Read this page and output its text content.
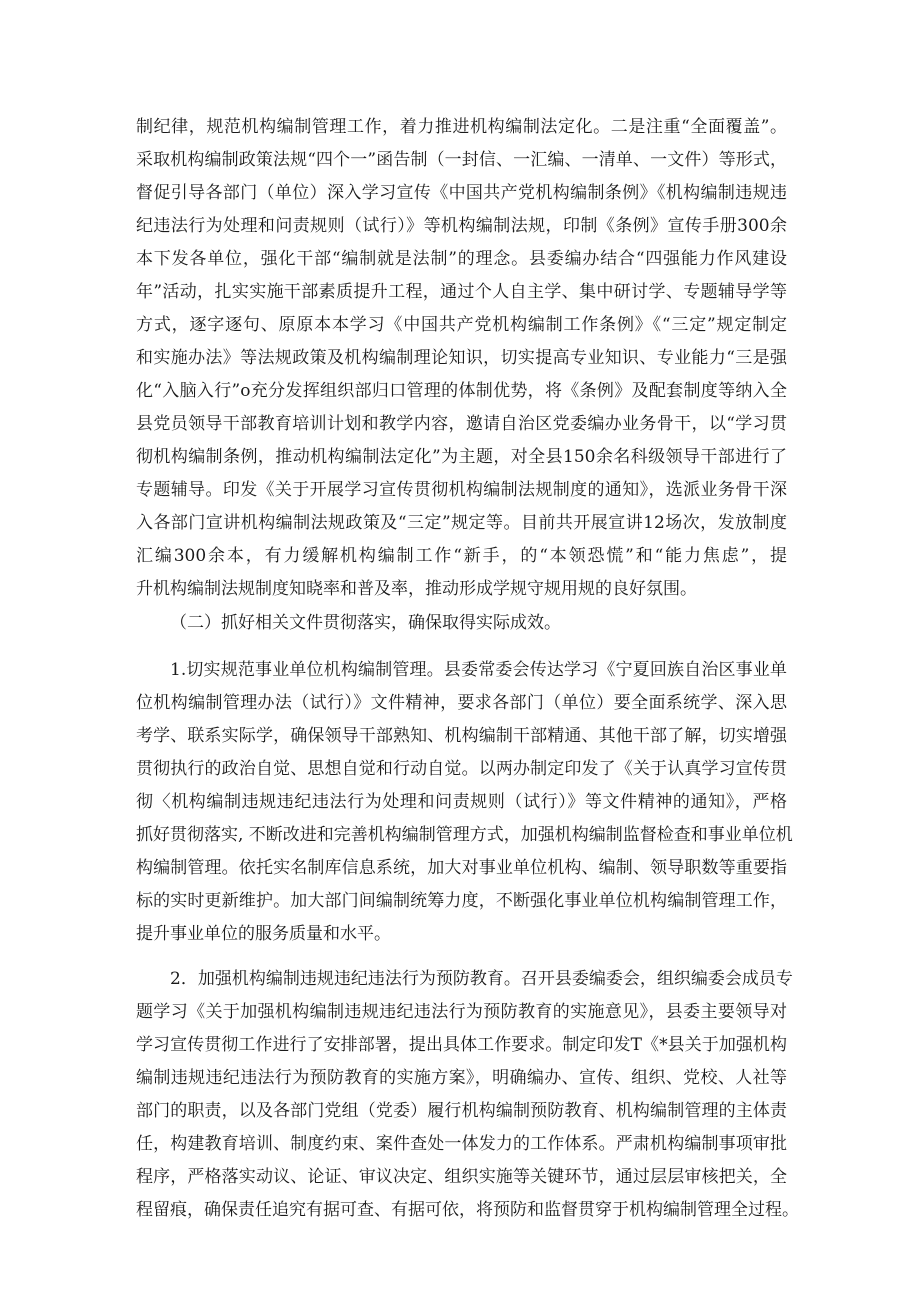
制纪律，规范机构编制管理工作，着力推进机构编制法定化。二是注重“全面覆盖”。
采取机构编制政策法规“四个一”函告制（一封信、一汇编、一清单、一文件）等形式，
督促引导各部门（单位）深入学习宣传《中国共产党机构编制条例》《机构编制违规违
纪违法行为处理和问责规则（试行）》等机构编制法规，印制《条例》宣传手册300余
本下发各单位，强化干部“编制就是法制”的理念。县委编办结合“四强能力作风建设
年”活动，扎实实施干部素质提升工程，通过个人自主学、集中研讨学、专题辅导学等
方式，逐字逐句、原原本本学习《中国共产党机构编制工作条例》《“三定”规定制定
和实施办法》等法规政策及机构编制理论知识，切实提高专业知识、专业能力“三是强
化“入脑入行”o充分发挥组织部归口管理的体制优势，将《条例》及配套制度等纳入全
县党员领导干部教育培训计划和教学内容，邀请自治区党委编办业务骨干，以“学习贯
彻机构编制条例，推动机构编制法定化”为主题，对全县150余名科级领导干部进行了
专题辅导。印发《关于开展学习宣传贯彻机构编制法规制度的通知》，选派业务骨干深
入各部门宣讲机构编制法规政策及“三定”规定等。目前共开展宣讲12场次，发放制度
汇编300余本，有力缓解机构编制工作“新手，的“本领恐慌”和“能力焦虑”，提
升机构编制法规制度知晓率和普及率，推动形成学规守规用规的良好氛围。
（二）抓好相关文件贯彻落实，确保取得实际成效。
1.切实规范事业单位机构编制管理。县委常委会传达学习《宁夏回族自治区事业单
位机构编制管理办法（试行）》文件精神，要求各部门（单位）要全面系统学、深入思
考学、联系实际学，确保领导干部熟知、机构编制干部精通、其他干部了解，切实增强
贯彻执行的政治自觉、思想自觉和行动自觉。以两办制定印发了《关于认真学习宣传贯
彻〈机构编制违规违纪违法行为处理和问责规则（试行）》等文件精神的通知》，严格
抓好贯彻落实, 不断改进和完善机构编制管理方式，加强机构编制监督检查和事业单位机
构编制管理。依托实名制库信息系统，加大对事业单位机构、编制、领导职数等重要指
标的实时更新维护。加大部门间编制统筹力度，不断强化事业单位机构编制管理工作，
提升事业单位的服务质量和水平。
2．加强机构编制违规违纪违法行为预防教育。召开县委编委会，组织编委会成员专
题学习《关于加强机构编制违规违纪违法行为预防教育的实施意见》，县委主要领导对
学习宣传贯彻工作进行了安排部署，提出具体工作要求。制定印发T《*县关于加强机构
编制违规违纪违法行为预防教育的实施方案》，明确编办、宣传、组织、党校、人社等
部门的职责，以及各部门党组（党委）履行机构编制预防教育、机构编制管理的主体责
任，构建教育培训、制度约束、案件查处一体发力的工作体系。严肃机构编制事项审批
程序，严格落实动议、论证、审议决定、组织实施等关键环节，通过层层审核把关，全
程留痕，确保责任追究有据可查、有据可依，将预防和监督贯穿于机构编制管理全过程。
